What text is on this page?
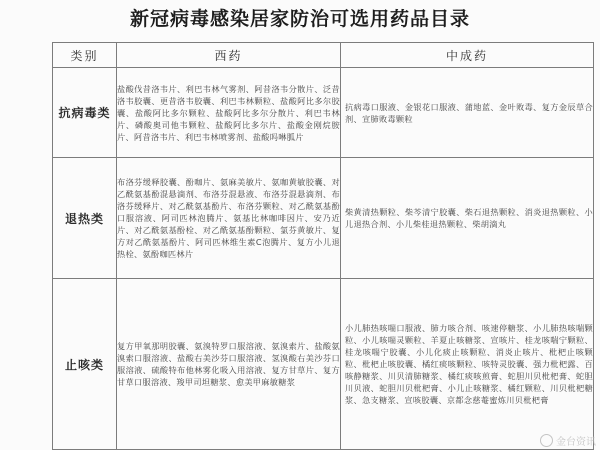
新冠病毒感染居家防治可选用药品目录
类别	西药	中成药
抗病毒类	盐酸伐昔洛韦片、利巴韦林气雾剂、阿昔洛韦分散片、泛昔洛韦胶囊、更昔洛韦胶囊、利巴韦林颗粒、盐酸阿比多尔胶囊、盐酸阿比多尔颗粒、盐酸阿比多尔分散片、利巴韦林片、磷酸奥司他韦颗粒、盐酸阿比多尔片、盐酸金刚烷胺片、阿昔洛韦片、利巴韦林喷雾剂、盐酸吗啉胍片	抗病毒口服液、金银花口服液、蒲地蓝、金叶败毒、复方金辰草合剂、宣肺败毒颗粒
退热类	布洛芬缓释胶囊、酚咖片、氨麻美敏片、氨咖黄敏胶囊、对乙酰氨基酚混悬滴剂、布洛芬混悬液、布洛芬混悬滴剂、布洛芬缓释片、对乙酰氨基酚片、布洛芬颗粒、对乙酰氨基酚口服溶液、阿司匹林泡腾片、氨基比林咖啡因片、安乃近片、对乙酰氨基酚栓、对乙酰氨基酚颗粒、氯芬黄敏片、复方对乙酰氨基酚片、阿司匹林维生素C泡腾片、复方小儿退热栓、氨酚咖匹林片	柴黄清热颗粒、柴芩清宁胶囊、柴石退热颗粒、消炎退热颗粒、小儿退热合剂、小儿柴桂退热颗粒、柴胡滴丸
止咳类	复方甲氧那明胶囊、氨溴特罗口服溶液、氨溴索片、盐酸氨溴索口服溶液、盐酸右美沙芬口服溶液、氢溴酸右美沙芬口服溶液、硫酸特布他林雾化吸入用溶液、复方甘草片、复方甘草口服溶液、羧甲司坦糖浆、愈美甲麻敏糖浆	小儿肺热咳喘口服液、肺力咳合剂、咳速停糖浆、小儿肺热咳喘颗粒、小儿咳喘灵颗粒、羊夏止咳糖浆、宣咳片、桂龙咳喘宁颗粒、桂龙咳喘宁胶囊、小儿化痰止咳颗粒、消炎止咳片、枇杷止咳颗粒、枇杷止咳胶囊、橘红痰咳颗粒、咳特灵胶囊、强力枇杷露、百咳静糖浆、川贝清肺糖浆、橘红痰咳煎膏、蛇胆川贝枇杷膏、蛇胆川贝液、蛇胆川贝枇杷膏、小儿止咳糖浆、橘红颗粒、川贝枇杷糖浆、急支糖浆、宣咳胶囊、京都念慈菴蜜炼川贝枇杷膏
金台资讯
